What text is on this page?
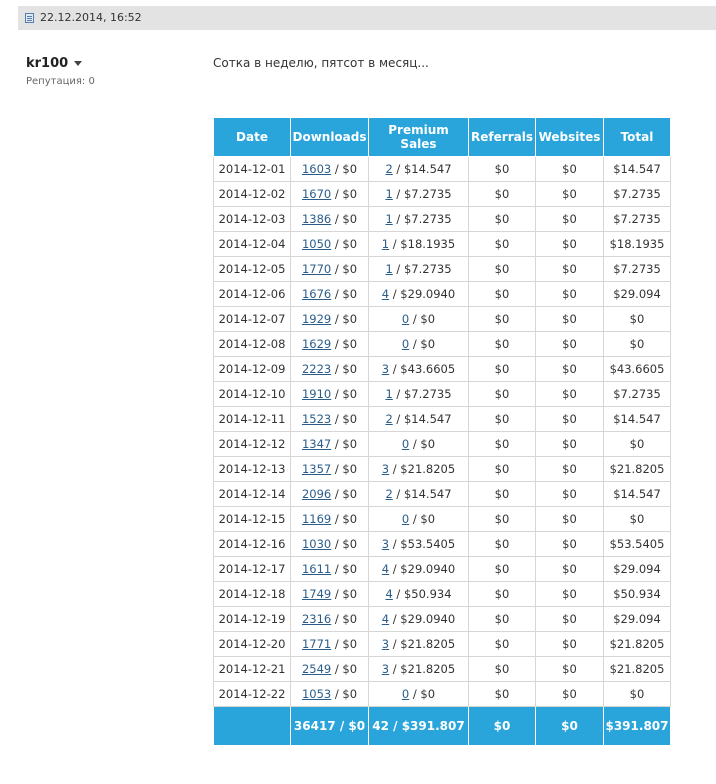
22.12.2014, 16:52
kr100
Репутация: 0
Сотка в неделю, пятсот в месяц...
Date	Downloads	Premium Sales	Referrals	Websites	Total
2014-12-01	1603 / $0	2 / $14.547	$0	$0	$14.547
2014-12-02	1670 / $0	1 / $7.2735	$0	$0	$7.2735
2014-12-03	1386 / $0	1 / $7.2735	$0	$0	$7.2735
2014-12-04	1050 / $0	1 / $18.1935	$0	$0	$18.1935
2014-12-05	1770 / $0	1 / $7.2735	$0	$0	$7.2735
2014-12-06	1676 / $0	4 / $29.0940	$0	$0	$29.094
2014-12-07	1929 / $0	0 / $0	$0	$0	$0
2014-12-08	1629 / $0	0 / $0	$0	$0	$0
2014-12-09	2223 / $0	3 / $43.6605	$0	$0	$43.6605
2014-12-10	1910 / $0	1 / $7.2735	$0	$0	$7.2735
2014-12-11	1523 / $0	2 / $14.547	$0	$0	$14.547
2014-12-12	1347 / $0	0 / $0	$0	$0	$0
2014-12-13	1357 / $0	3 / $21.8205	$0	$0	$21.8205
2014-12-14	2096 / $0	2 / $14.547	$0	$0	$14.547
2014-12-15	1169 / $0	0 / $0	$0	$0	$0
2014-12-16	1030 / $0	3 / $53.5405	$0	$0	$53.5405
2014-12-17	1611 / $0	4 / $29.0940	$0	$0	$29.094
2014-12-18	1749 / $0	4 / $50.934	$0	$0	$50.934
2014-12-19	2316 / $0	4 / $29.0940	$0	$0	$29.094
2014-12-20	1771 / $0	3 / $21.8205	$0	$0	$21.8205
2014-12-21	2549 / $0	3 / $21.8205	$0	$0	$21.8205
2014-12-22	1053 / $0	0 / $0	$0	$0	$0
	36417 / $0	42 / $391.807	$0	$0	$391.807
